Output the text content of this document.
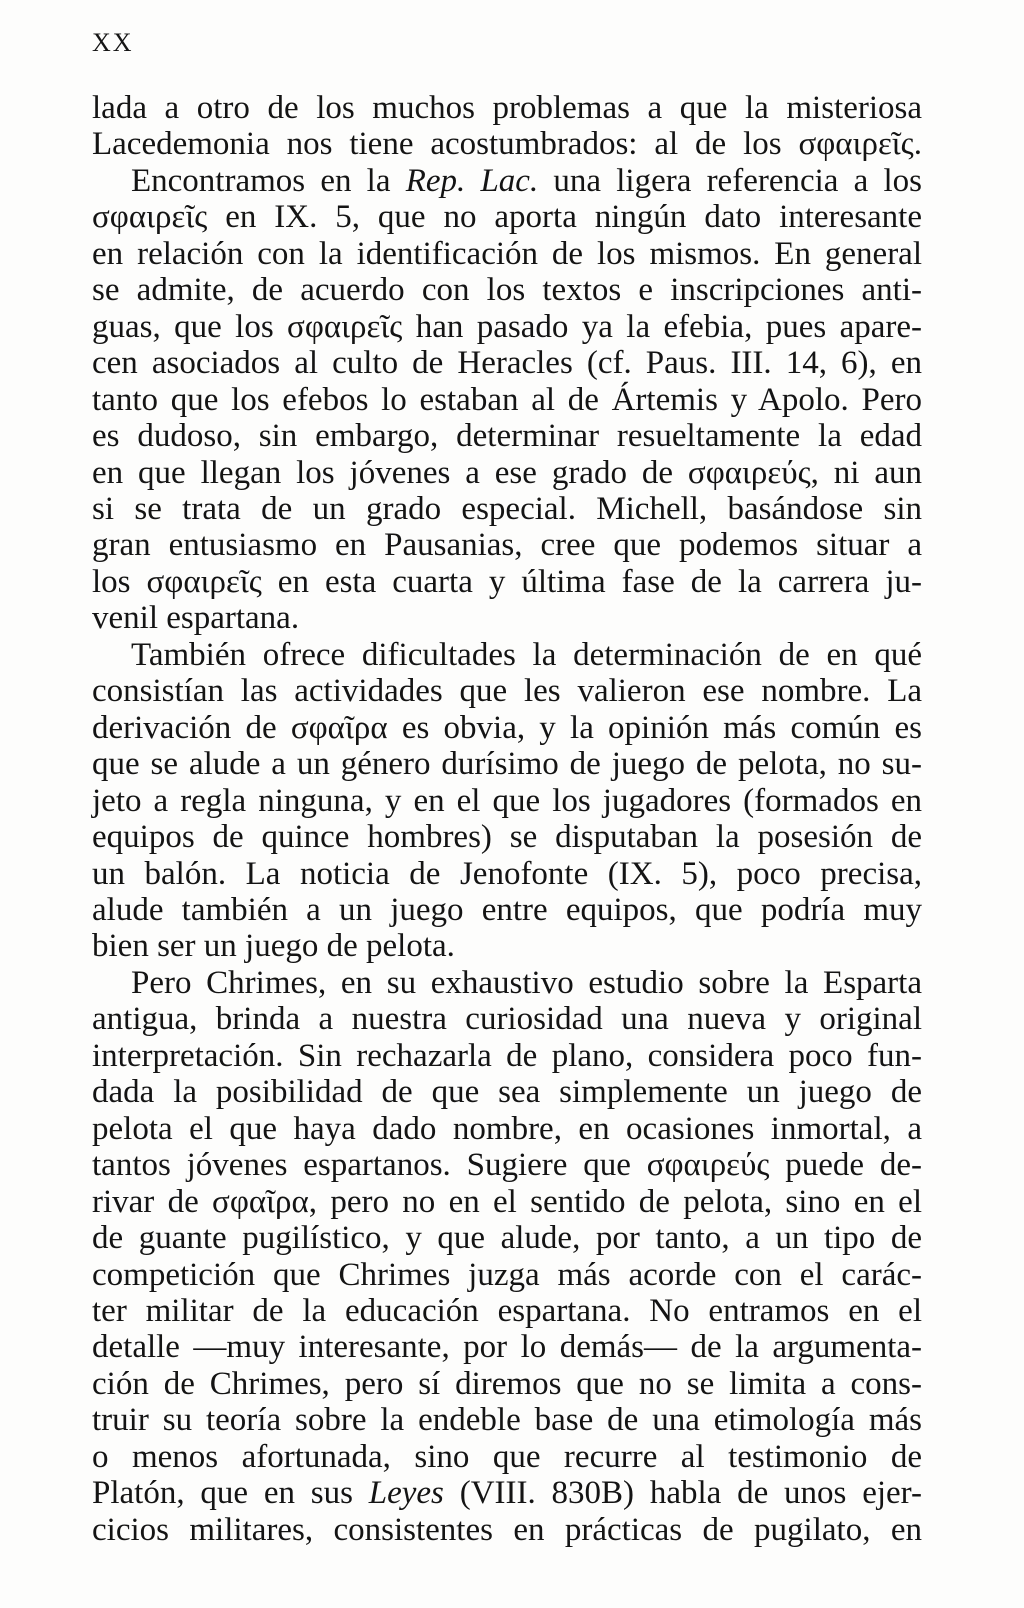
XX
lada a otro de los muchos problemas a que la misteriosa
Lacedemonia nos tiene acostumbrados: al de los σφαιρεῖς.
Encontramos en la Rep. Lac. una ligera referencia a los
σφαιρεῖς en IX. 5, que no aporta ningún dato interesante
en relación con la identificación de los mismos. En general
se admite, de acuerdo con los textos e inscripciones anti-
guas, que los σφαιρεῖς han pasado ya la efebia, pues apare-
cen asociados al culto de Heracles (cf. Paus. III. 14, 6), en
tanto que los efebos lo estaban al de Ártemis y Apolo. Pero
es dudoso, sin embargo, determinar resueltamente la edad
en que llegan los jóvenes a ese grado de σφαιρεύς, ni aun
si se trata de un grado especial. Michell, basándose sin
gran entusiasmo en Pausanias, cree que podemos situar a
los σφαιρεῖς en esta cuarta y última fase de la carrera ju-
venil espartana.
También ofrece dificultades la determinación de en qué
consistían las actividades que les valieron ese nombre. La
derivación de σφαῖρα es obvia, y la opinión más común es
que se alude a un género durísimo de juego de pelota, no su-
jeto a regla ninguna, y en el que los jugadores (formados en
equipos de quince hombres) se disputaban la posesión de
un balón. La noticia de Jenofonte (IX. 5), poco precisa,
alude también a un juego entre equipos, que podría muy
bien ser un juego de pelota.
Pero Chrimes, en su exhaustivo estudio sobre la Esparta
antigua, brinda a nuestra curiosidad una nueva y original
interpretación. Sin rechazarla de plano, considera poco fun-
dada la posibilidad de que sea simplemente un juego de
pelota el que haya dado nombre, en ocasiones inmortal, a
tantos jóvenes espartanos. Sugiere que σφαιρεύς puede de-
rivar de σφαῖρα, pero no en el sentido de pelota, sino en el
de guante pugilístico, y que alude, por tanto, a un tipo de
competición que Chrimes juzga más acorde con el carác-
ter militar de la educación espartana. No entramos en el
detalle —muy interesante, por lo demás— de la argumenta-
ción de Chrimes, pero sí diremos que no se limita a cons-
truir su teoría sobre la endeble base de una etimología más
o menos afortunada, sino que recurre al testimonio de
Platón, que en sus Leyes (VIII. 830B) habla de unos ejer-
cicios militares, consistentes en prácticas de pugilato, en
